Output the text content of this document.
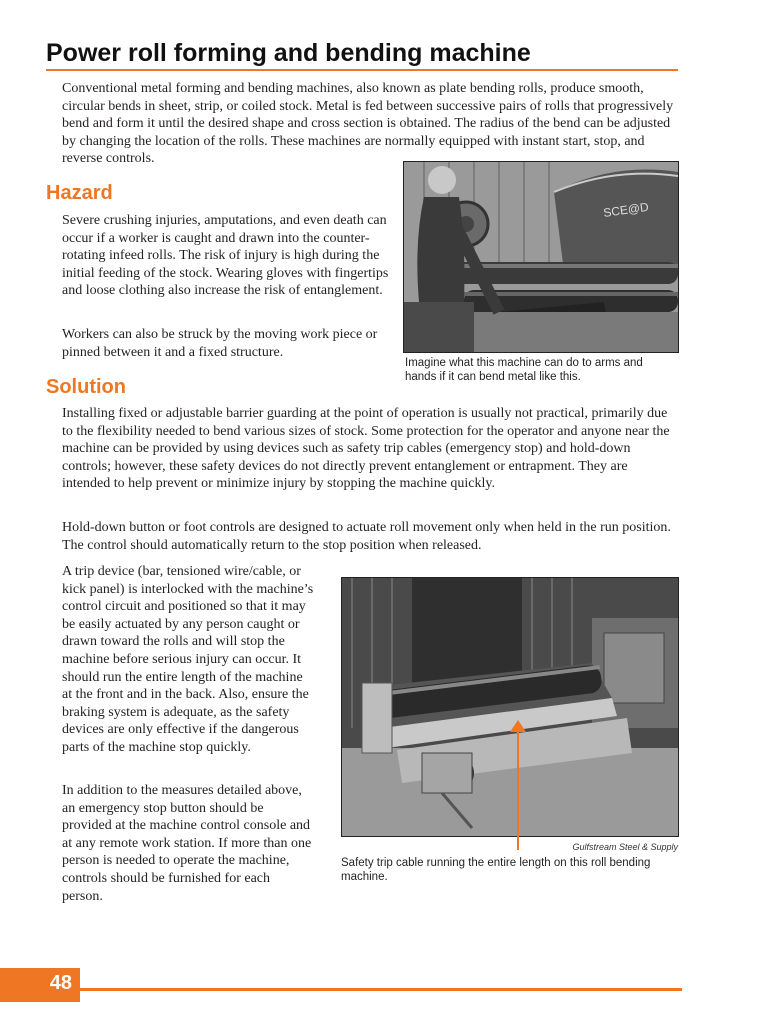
Power roll forming and bending machine

Conventional metal forming and bending machines, also known as plate bending rolls, produce smooth, circular bends in sheet, strip, or coiled stock. Metal is fed between successive pairs of rolls that progressively bend and form it until the desired shape and cross section is obtained. The radius of the bend can be adjusted by changing the location of the rolls. These machines are normally equipped with instant start, stop, and reverse controls.

Hazard

Severe crushing injuries, amputations, and even death can occur if a worker is caught and drawn into the counter-rotating infeed rolls. The risk of injury is high during the initial feeding of the stock. Wearing gloves with fingertips and loose clothing also increase the risk of entanglement.

Workers can also be struck by the moving work piece or pinned between it and a fixed structure.

SCE@D
Imagine what this machine can do to arms and hands if it can bend metal like this.
Solution

Installing fixed or adjustable barrier guarding at the point of operation is usually not practical, primarily due to the flexibility needed to bend various sizes of stock. Some protection for the operator and anyone near the machine can be provided by using devices such as safety trip cables (emergency stop) and hold-down controls; however, these safety devices do not directly prevent entanglement or entrapment. They are intended to help prevent or minimize injury by stopping the machine quickly.

Hold-down button or foot controls are designed to actuate roll movement only when held in the run position. The control should automatically return to the stop position when released.

A trip device (bar, tensioned wire/cable, or kick panel) is interlocked with the machine’s control circuit and positioned so that it may be easily actuated by any person caught or drawn toward the rolls and will stop the machine before serious injury can occur. It should run the entire length of the machine at the front and in the back. Also, ensure the braking system is adequate, as the safety devices are only effective if the dangerous parts of the machine stop quickly.

In addition to the measures detailed above, an emergency stop button should be provided at the machine control console and at any remote work station. If more than one person is needed to operate the machine, controls should be furnished for each person.

Gulfstream Steel & Supply
Safety trip cable running the entire length on this roll bending machine.
48
